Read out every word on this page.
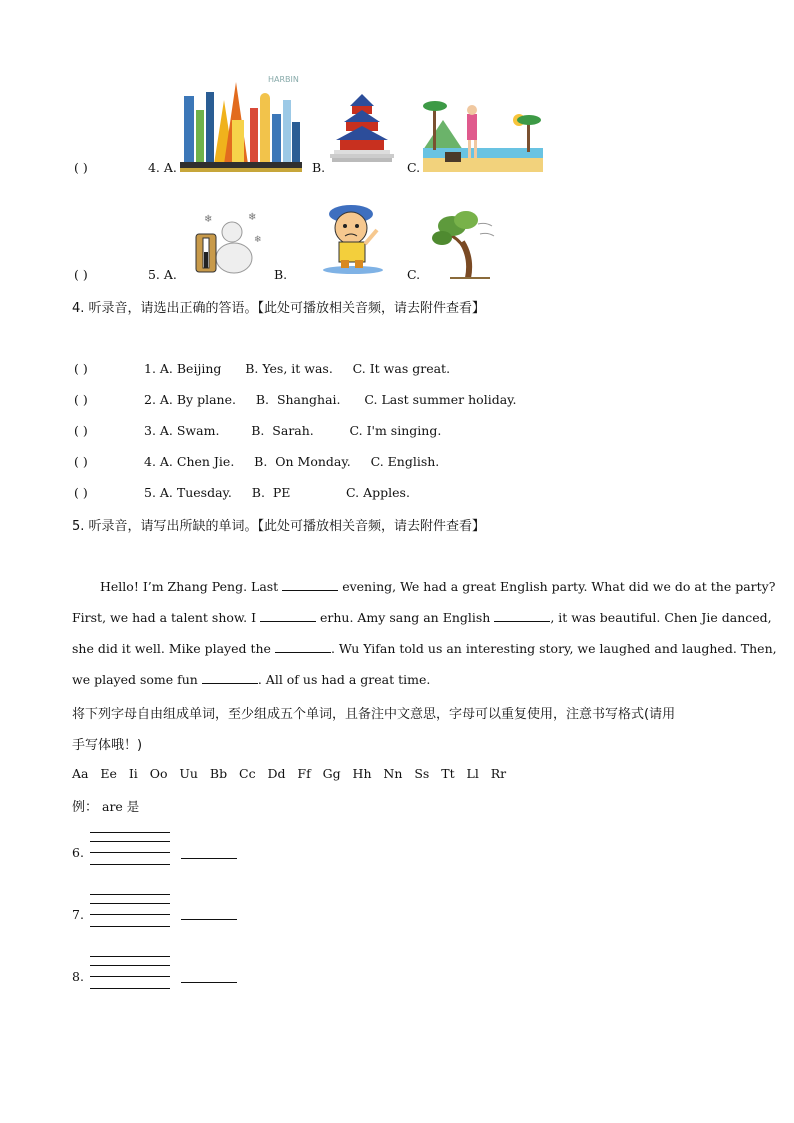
( )	4. A.	B.	C.
HARBIN
( )	5. A.	B.	C.
❄	❄
❄
4. 听录音，请选出正确的答语。【此处可播放相关音频，请去附件查看】
( )	1. A. Beijing      B. Yes, it was.     C. It was great.
( )	2. A. By plane.     B.  Shanghai.      C. Last summer holiday.
( )	3. A. Swam.        B.  Sarah.         C. I'm singing.
( )	4. A. Chen Jie.     B.  On Monday.     C. English.
( )	5. A. Tuesday.     B.  PE              C. Apples.
5. 听录音，请写出所缺的单词。【此处可播放相关音频，请去附件查看】
Hello! I’m Zhang Peng. Last	evening, We had a great English party. What did we do at the party?
First, we had a talent show. I	erhu. Amy sang an English	, it was beautiful. Chen Jie danced,
she did it well. Mike played the	. Wu Yifan told us an interesting story, we laughed and laughed. Then,
we played some fun	. All of us had a great time.
将下列字母自由组成单词，至少组成五个单词，且备注中文意思，字母可以重复使用，注意书写格式(请用
手写体哦！)
Aa   Ee   Ii   Oo   Uu   Bb   Cc   Dd   Ff   Gg   Hh   Nn   Ss   Tt   Ll   Rr
例： are 是
6.
7.
8.
